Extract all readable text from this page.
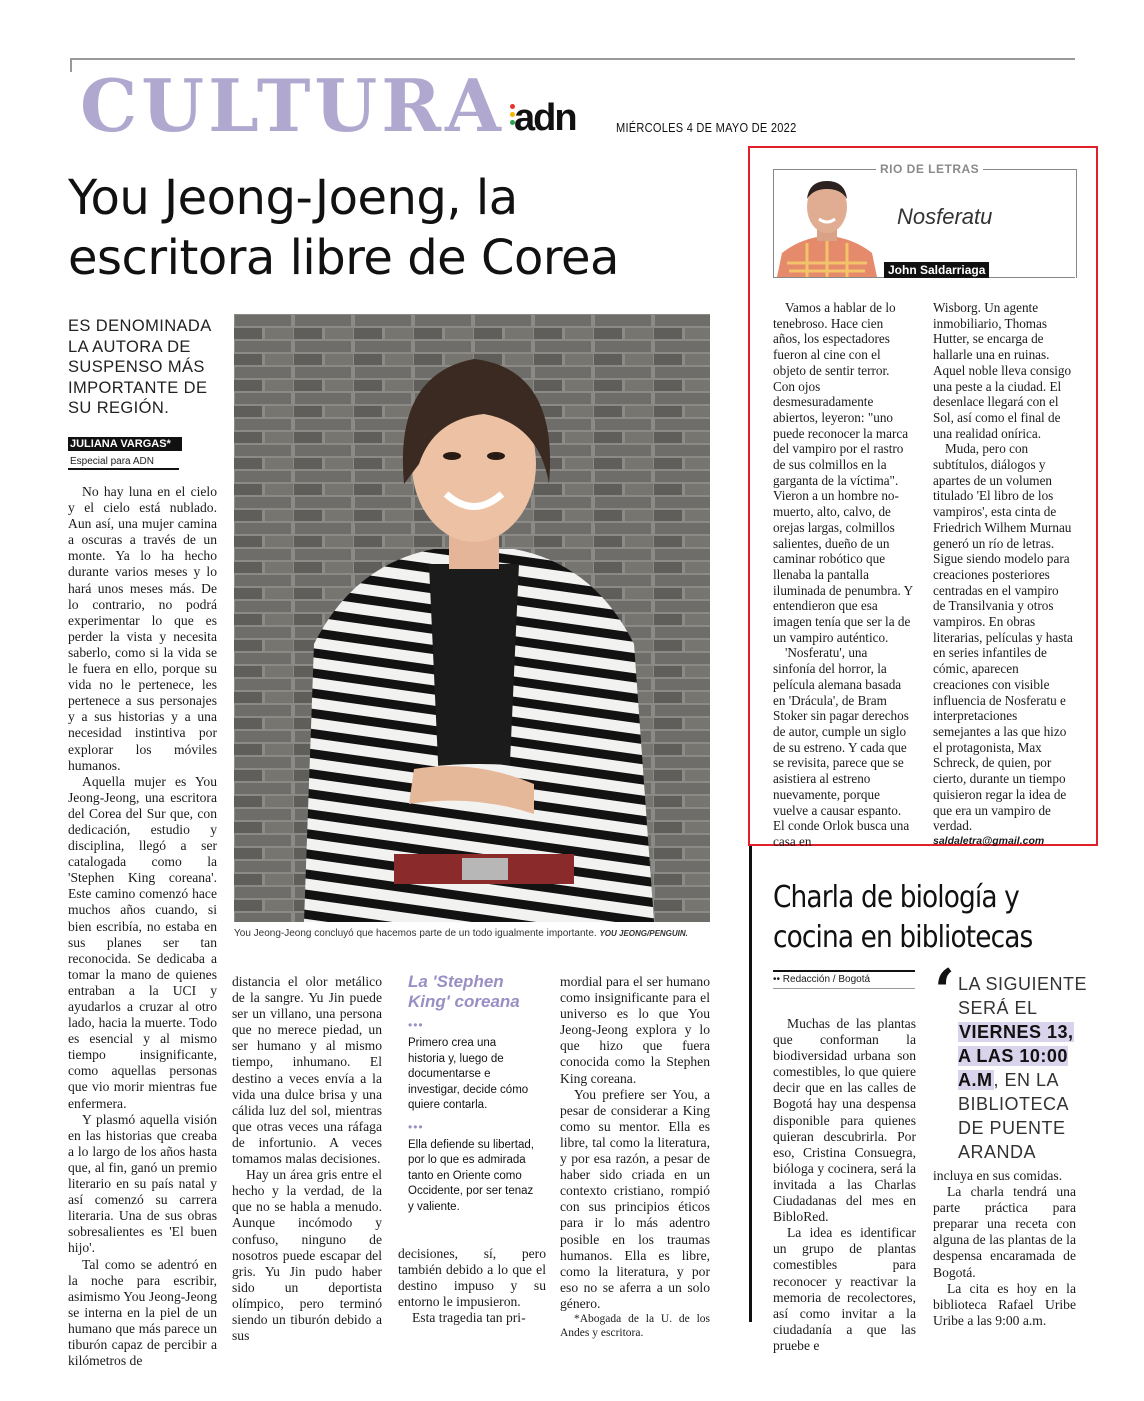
CULTURA adn	MIÉRCOLES 4 DE MAYO DE 2022
You Jeong-Joeng, la
escritora libre de Corea
ES DENOMINADA LA AUTORA DE SUSPENSO MÁS IMPORTANTE DE SU REGIÓN.
JULIANA VARGAS*
Especial para ADN

No hay luna en el cielo y el cielo está nublado. Aun así, una mujer camina a oscuras a través de un monte. Ya lo ha hecho durante varios meses y lo hará unos meses más. De lo contrario, no podrá experimentar lo que es perder la vista y necesita saberlo, como si la vida se le fuera en ello, porque su vida no le pertenece, les pertenece a sus personajes y a sus historias y a una necesidad instintiva por explorar los móviles humanos.

Aquella mujer es You Jeong-Jeong, una escritora del Corea del Sur que, con dedicación, estudio y disciplina, llegó a ser catalogada como la 'Stephen King coreana'. Este camino comenzó hace muchos años cuando, si bien escribía, no estaba en sus planes ser tan reconocida. Se dedicaba a tomar la mano de quienes entraban a la UCI y ayudarlos a cruzar al otro lado, hacia la muerte. Todo es esencial y al mismo tiempo insignificante, como aquellas personas que vio morir mientras fue enfermera.

Y plasmó aquella visión en las historias que creaba a lo largo de los años hasta que, al fin, ganó un premio literario en su país natal y así comenzó su carrera literaria. Una de sus obras sobresalientes es 'El buen hijo'.

Tal como se adentró en la noche para escribir, asimismo You Jeong-Jeong se interna en la piel de un humano que más parece un tiburón capaz de percibir a kilómetros de

You Jeong-Jeong concluyó que hacemos parte de un todo igualmente importante. YOU JEONG/PENGUIN.

distancia el olor metálico de la sangre. Yu Jin puede ser un villano, una persona que no merece piedad, un ser humano y al mismo tiempo, inhumano. El destino a veces envía a la vida una dulce brisa y una cálida luz del sol, mientras que otras veces una ráfaga de infortunio. A veces tomamos malas decisiones.

Hay un área gris entre el hecho y la verdad, de la que no se habla a menudo. Aunque incómodo y confuso, ninguno de nosotros puede escapar del gris. Yu Jin pudo haber sido un deportista olímpico, pero terminó siendo un tiburón debido a sus

La 'Stephen King' coreana
•••
Primero crea una historia y, luego de documentarse e investigar, decide cómo quiere contarla.
•••
Ella defiende su libertad, por lo que es admirada tanto en Oriente como Occidente, por ser tenaz y valiente.

decisiones, sí, pero también debido a lo que el destino impuso y su entorno le impusieron.

Esta tragedia tan pri-

mordial para el ser humano como insignificante para el universo es lo que You Jeong-Jeong explora y lo que hizo que fuera conocida como la Stephen King coreana.

You prefiere ser You, a pesar de considerar a King como su mentor. Ella es libre, tal como la literatura, y por esa razón, a pesar de haber sido criada en un contexto cristiano, rompió con sus principios éticos para ir lo más adentro posible en los traumas humanos. Ella es libre, como la literatura, y por eso no se aferra a un solo género.

*Abogada de la U. de los Andes y escritora.

RIO DE LETRAS
Nosferatu
John Saldarriaga

Vamos a hablar de lo tenebroso. Hace cien años, los espectadores fueron al cine con el objeto de sentir terror. Con ojos desmesuradamente abiertos, leyeron: "uno puede reconocer la marca del vampiro por el rastro de sus colmillos en la garganta de la víctima". Vieron a un hombre no-muerto, alto, calvo, de orejas largas, colmillos salientes, dueño de un caminar robótico que llenaba la pantalla iluminada de penumbra. Y entendieron que esa imagen tenía que ser la de un vampiro auténtico.

'Nosferatu', una sinfonía del horror, la película alemana basada en 'Drácula', de Bram Stoker sin pagar derechos de autor, cumple un siglo de su estreno. Y cada que se revisita, parece que se asistiera al estreno nuevamente, porque vuelve a causar espanto. El conde Orlok busca una casa en

Wisborg. Un agente inmobiliario, Thomas Hutter, se encarga de hallarle una en ruinas. Aquel noble lleva consigo una peste a la ciudad. El desenlace llegará con el Sol, así como el final de una realidad onírica.

Muda, pero con subtítulos, diálogos y apartes de un volumen titulado 'El libro de los vampiros', esta cinta de Friedrich Wilhem Murnau generó un río de letras. Sigue siendo modelo para creaciones posteriores centradas en el vampiro de Transilvania y otros vampiros. En obras literarias, películas y hasta en series infantiles de cómic, aparecen creaciones con visible influencia de Nosferatu e interpretaciones semejantes a las que hizo el protagonista, Max Schreck, de quien, por cierto, durante un tiempo quisieron regar la idea de que era un vampiro de verdad.

saldaletra@gmail.com

Charla de biología y
cocina en bibliotecas
•• Redacción / Bogotá	‘ LA SIGUIENTE SERÁ EL VIERNES 13, A LAS 10:00 A.M, EN LA BIBLIOTECA DE PUENTE ARANDA

Muchas de las plantas que conforman la biodiversidad urbana son comestibles, lo que quiere decir que en las calles de Bogotá hay una despensa disponible para quienes quieran descubrirla. Por eso, Cristina Consuegra, bióloga y cocinera, será la invitada a las Charlas Ciudadanas del mes en BibloRed.

La idea es identificar un grupo de plantas comestibles para reconocer y reactivar la memoria de recolectores, así como invitar a la ciudadanía a que las pruebe e

incluya en sus comidas.

La charla tendrá una parte práctica para preparar una receta con alguna de las plantas de la despensa encaramada de Bogotá.

La cita es hoy en la biblioteca Rafael Uribe Uribe a las 9:00 a.m.
